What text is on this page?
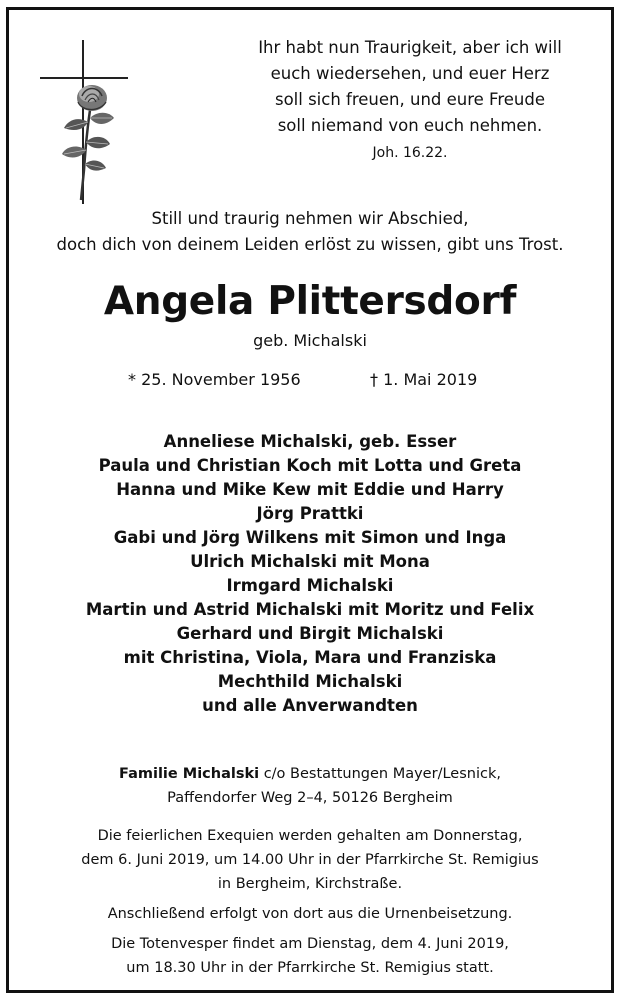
Ihr habt nun Traurigkeit, aber ich will
euch wiedersehen, und euer Herz
soll sich freuen, und eure Freude
soll niemand von euch nehmen.
Joh. 16.22.
Still und traurig nehmen wir Abschied,
doch dich von deinem Leiden erlöst zu wissen, gibt uns Trost.
Angela Plittersdorf
geb. Michalski
* 25. November 1956	† 1. Mai 2019
Anneliese Michalski, geb. Esser
Paula und Christian Koch mit Lotta und Greta
Hanna und Mike Kew mit Eddie und Harry
Jörg Prattki
Gabi und Jörg Wilkens mit Simon und Inga
Ulrich Michalski mit Mona
Irmgard Michalski
Martin und Astrid Michalski mit Moritz und Felix
Gerhard und Birgit Michalski
mit Christina, Viola, Mara und Franziska
Mechthild Michalski
und alle Anverwandten
Familie Michalski c/o Bestattungen Mayer/Lesnick,
Paffendorfer Weg 2–4, 50126 Bergheim
Die feierlichen Exequien werden gehalten am Donnerstag,
dem 6. Juni 2019, um 14.00 Uhr in der Pfarrkirche St. Remigius
in Bergheim, Kirchstraße.
Anschließend erfolgt von dort aus die Urnenbeisetzung.
Die Totenvesper findet am Dienstag, dem 4. Juni 2019,
um 18.30 Uhr in der Pfarrkirche St. Remigius statt.
